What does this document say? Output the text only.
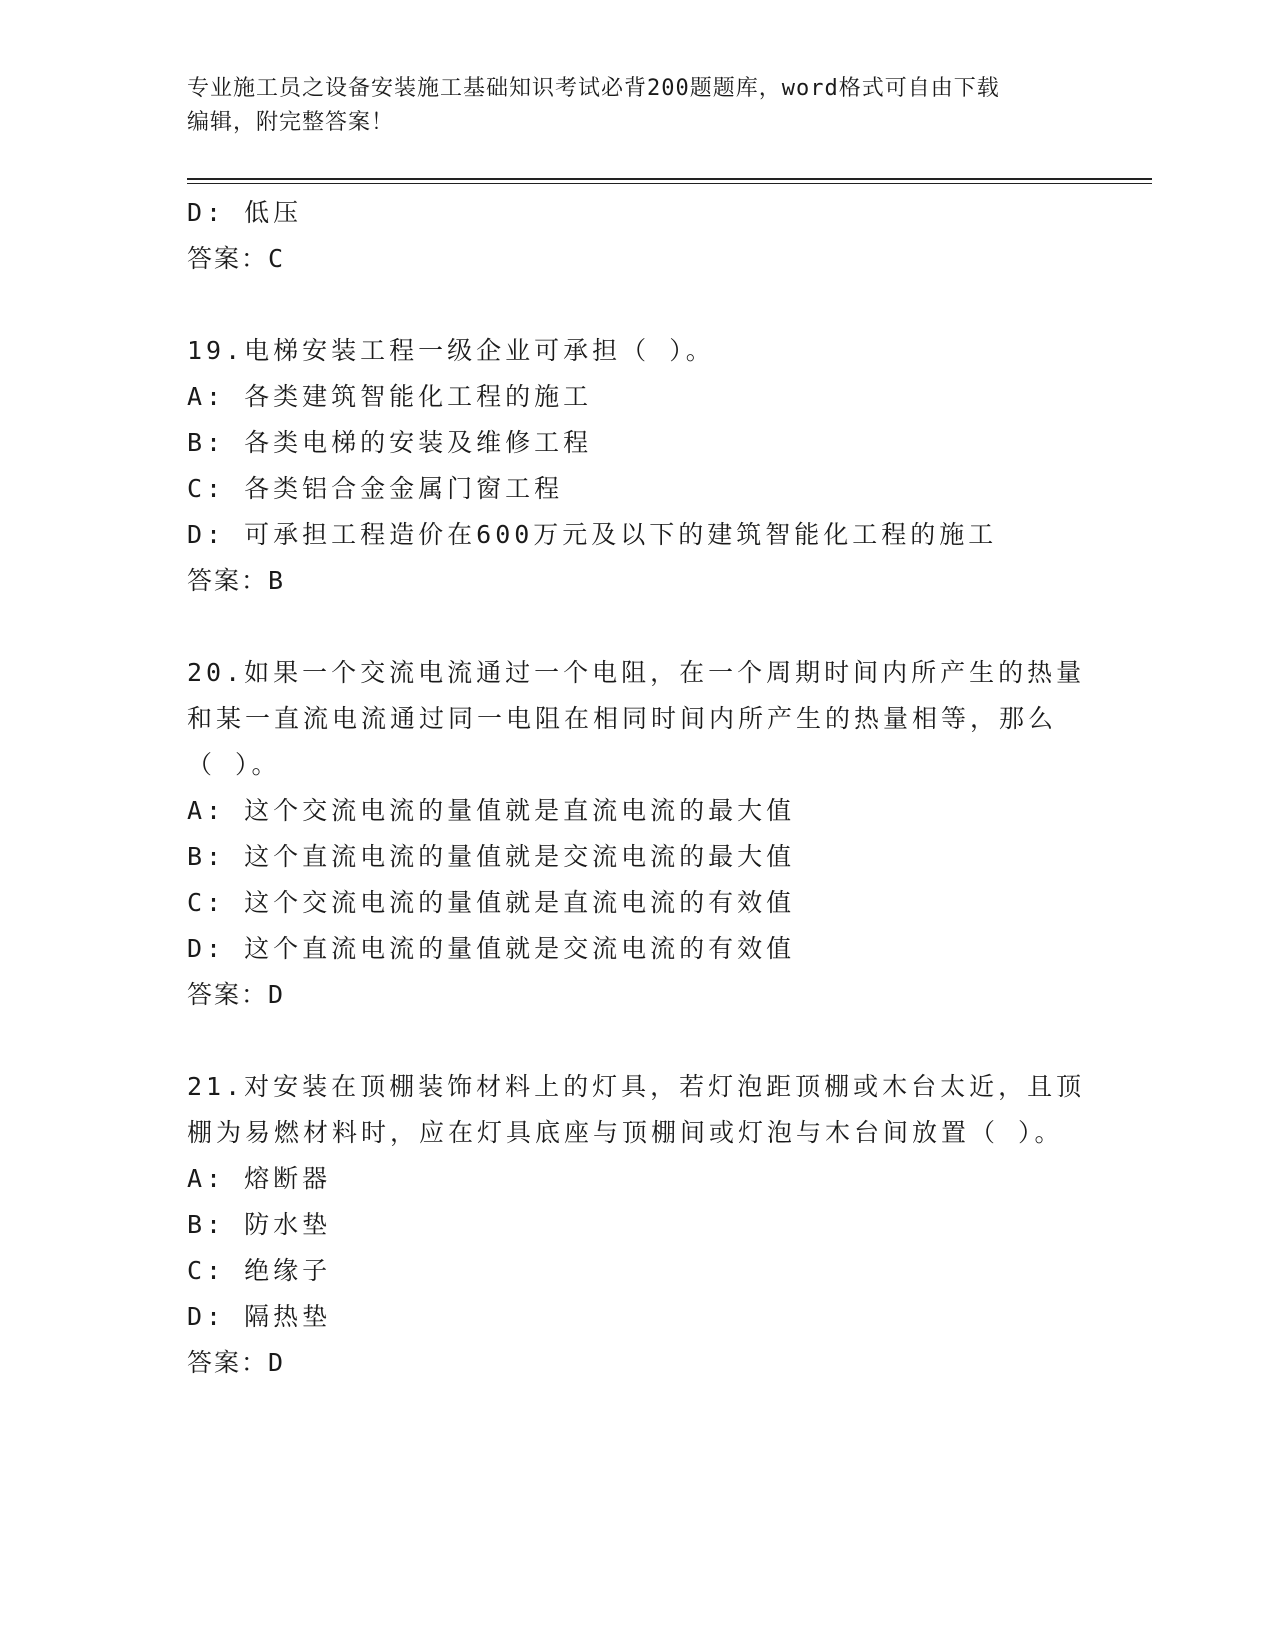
专业施工员之设备安装施工基础知识考试必背200题题库，word格式可自由下载
编辑，附完整答案！
D: 低压
答案：C
19.电梯安装工程一级企业可承担（ ）。
A: 各类建筑智能化工程的施工
B: 各类电梯的安装及维修工程
C: 各类铝合金金属门窗工程
D: 可承担工程造价在600万元及以下的建筑智能化工程的施工
答案：B
20.如果一个交流电流通过一个电阻，在一个周期时间内所产生的热量
和某一直流电流通过同一电阻在相同时间内所产生的热量相等，那么
（ ）。
A: 这个交流电流的量值就是直流电流的最大值
B: 这个直流电流的量值就是交流电流的最大值
C: 这个交流电流的量值就是直流电流的有效值
D: 这个直流电流的量值就是交流电流的有效值
答案：D
21.对安装在顶棚装饰材料上的灯具，若灯泡距顶棚或木台太近，且顶
棚为易燃材料时，应在灯具底座与顶棚间或灯泡与木台间放置（ ）。
A: 熔断器
B: 防水垫
C: 绝缘子
D: 隔热垫
答案：D
